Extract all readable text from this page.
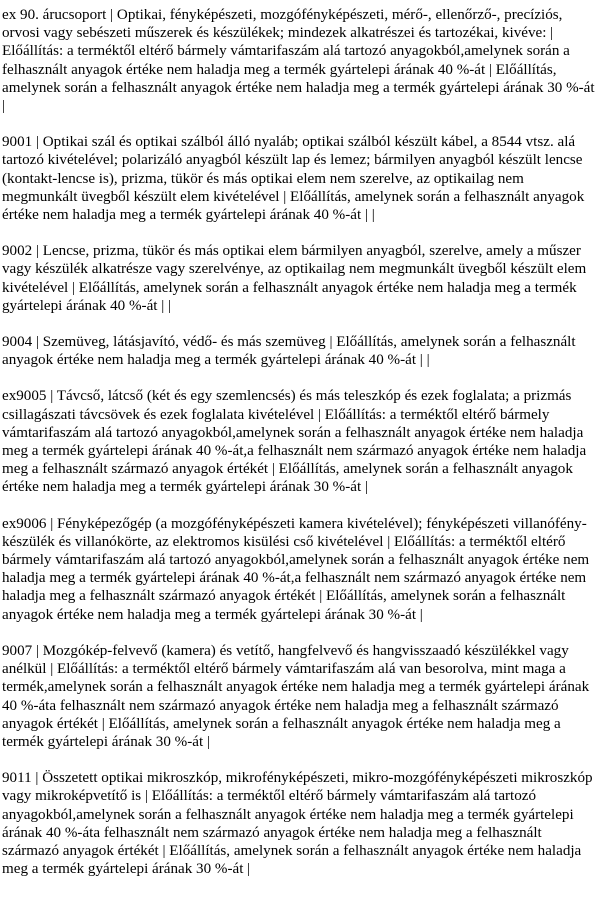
ex 90. árucsoport | Optikai, fényképészeti, mozgófényképészeti, mérő-, ellenőrző-, precíziós, orvosi vagy sebészeti műszerek és készülékek; mindezek alkatrészei és tartozékai, kivéve: | Előállítás: a terméktől eltérő bármely vámtarifaszám alá tartozó anyagokból,amelynek során a felhasznált anyagok értéke nem haladja meg a termék gyártelepi árának 40 %-át | Előállítás, amelynek során a felhasznált anyagok értéke nem haladja meg a termék gyártelepi árának 30 %-át |

9001 | Optikai szál és optikai szálból álló nyaláb; optikai szálból készült kábel, a 8544 vtsz. alá tartozó kivételével; polarizáló anyagból készült lap és lemez; bármilyen anyagból készült lencse (kontakt-lencse is), prizma, tükör és más optikai elem nem szerelve, az optikailag nem megmunkált üvegből készült elem kivételével | Előállítás, amelynek során a felhasznált anyagok értéke nem haladja meg a termék gyártelepi árának 40 %-át | |

9002 | Lencse, prizma, tükör és más optikai elem bármilyen anyagból, szerelve, amely a műszer vagy készülék alkatrésze vagy szerelvénye, az optikailag nem megmunkált üvegből készült elem kivételével | Előállítás, amelynek során a felhasznált anyagok értéke nem haladja meg a termék gyártelepi árának 40 %-át | |

9004 | Szemüveg, látásjavító, védő- és más szemüveg | Előállítás, amelynek során a felhasznált anyagok értéke nem haladja meg a termék gyártelepi árának 40 %-át | |

ex9005 | Távcső, látcső (két és egy szemlencsés) és más teleszkóp és ezek foglalata; a prizmás csillagászati távcsövek és ezek foglalata kivételével | Előállítás: a terméktől eltérő bármely vámtarifaszám alá tartozó anyagokból,amelynek során a felhasznált anyagok értéke nem haladja meg a termék gyártelepi árának 40 %-át,a felhasznált nem származó anyagok értéke nem haladja meg a felhasznált származó anyagok értékét | Előállítás, amelynek során a felhasznált anyagok értéke nem haladja meg a termék gyártelepi árának 30 %-át |

ex9006 | Fényképezőgép (a mozgófényképészeti kamera kivételével); fényképészeti villanófény-készülék és villanókörte, az elektromos kisülési cső kivételével | Előállítás: a terméktől eltérő bármely vámtarifaszám alá tartozó anyagokból,amelynek során a felhasznált anyagok értéke nem haladja meg a termék gyártelepi árának 40 %-át,a felhasznált nem származó anyagok értéke nem haladja meg a felhasznált származó anyagok értékét | Előállítás, amelynek során a felhasznált anyagok értéke nem haladja meg a termék gyártelepi árának 30 %-át |

9007 | Mozgókép-felvevő (kamera) és vetítő, hangfelvevő és hangvisszaadó készülékkel vagy anélkül | Előállítás: a terméktől eltérő bármely vámtarifaszám alá van besorolva, mint maga a termék,amelynek során a felhasznált anyagok értéke nem haladja meg a termék gyártelepi árának 40 %-áta felhasznált nem származó anyagok értéke nem haladja meg a felhasznált származó anyagok értékét | Előállítás, amelynek során a felhasznált anyagok értéke nem haladja meg a termék gyártelepi árának 30 %-át |

9011 | Összetett optikai mikroszkóp, mikrofényképészeti, mikro-mozgófényképészeti mikroszkóp vagy mikroképvetítő is | Előállítás: a terméktől eltérő bármely vámtarifaszám alá tartozó anyagokból,amelynek során a felhasznált anyagok értéke nem haladja meg a termék gyártelepi árának 40 %-áta felhasznált nem származó anyagok értéke nem haladja meg a felhasznált származó anyagok értékét | Előállítás, amelynek során a felhasznált anyagok értéke nem haladja meg a termék gyártelepi árának 30 %-át |
